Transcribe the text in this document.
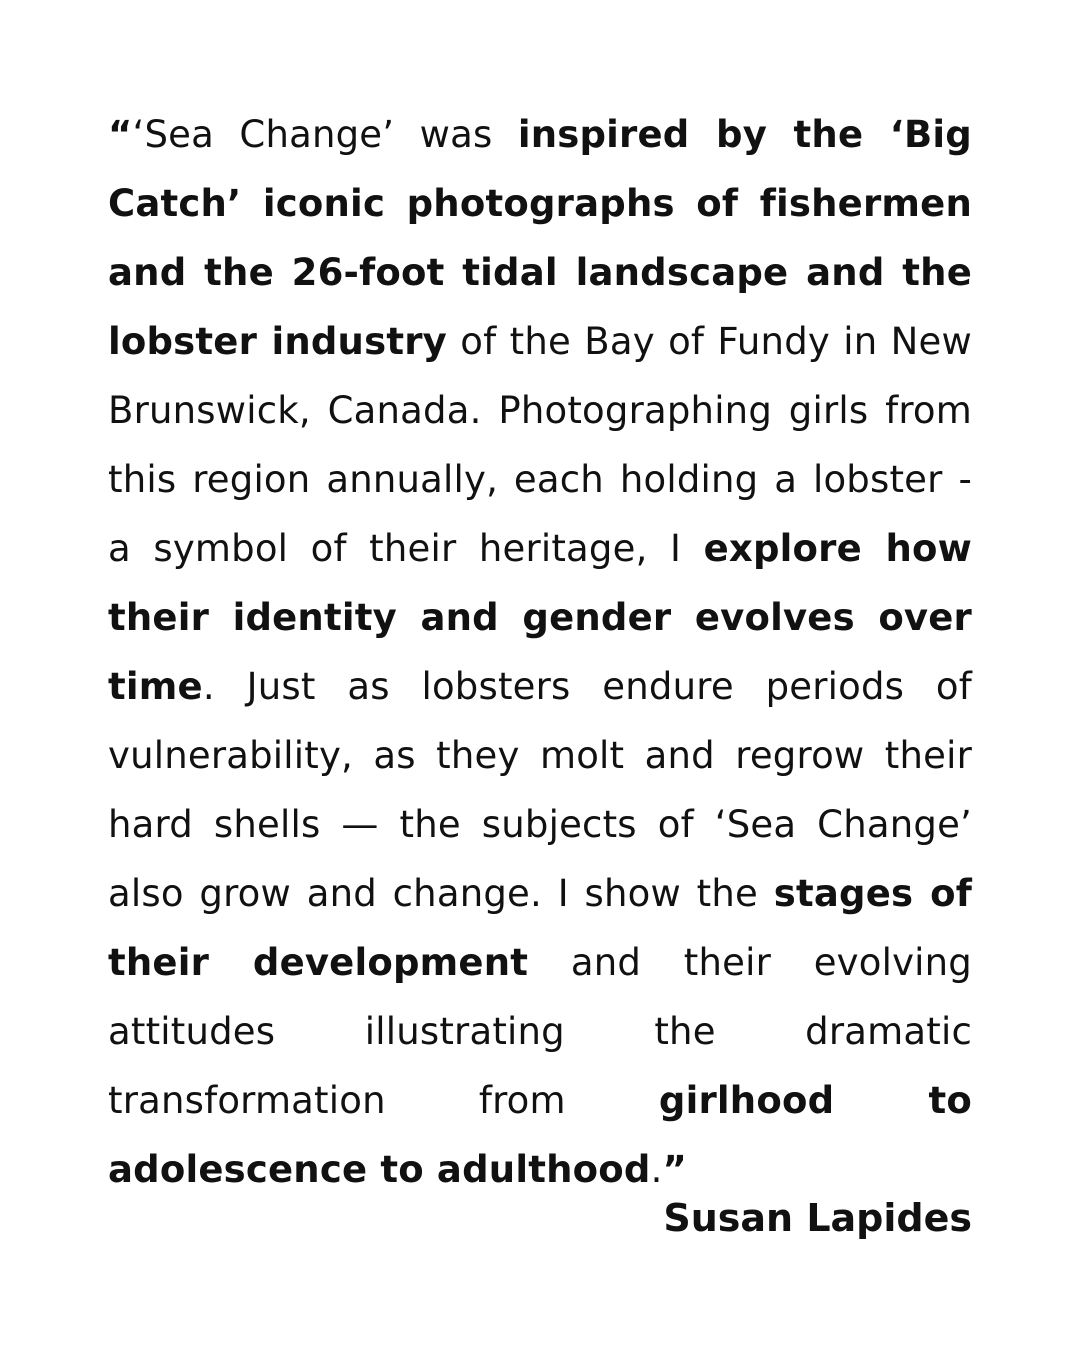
“‘Sea Change’ was inspired by the ‘Big Catch’ iconic photographs of fishermen and the 26-foot tidal landscape and the lobster industry of the Bay of Fundy in New Brunswick, Canada. Photographing girls from this region annually, each holding a lobster - a symbol of their heritage, I explore how their identity and gender evolves over time. Just as lobsters endure periods of vulnerability, as they molt and regrow their hard shells — the subjects of ‘Sea Change’ also grow and change. I show the stages of their development and their evolving attitudes illustrating the dramatic transformation from girlhood to adolescence to adulthood.”
Susan Lapides
